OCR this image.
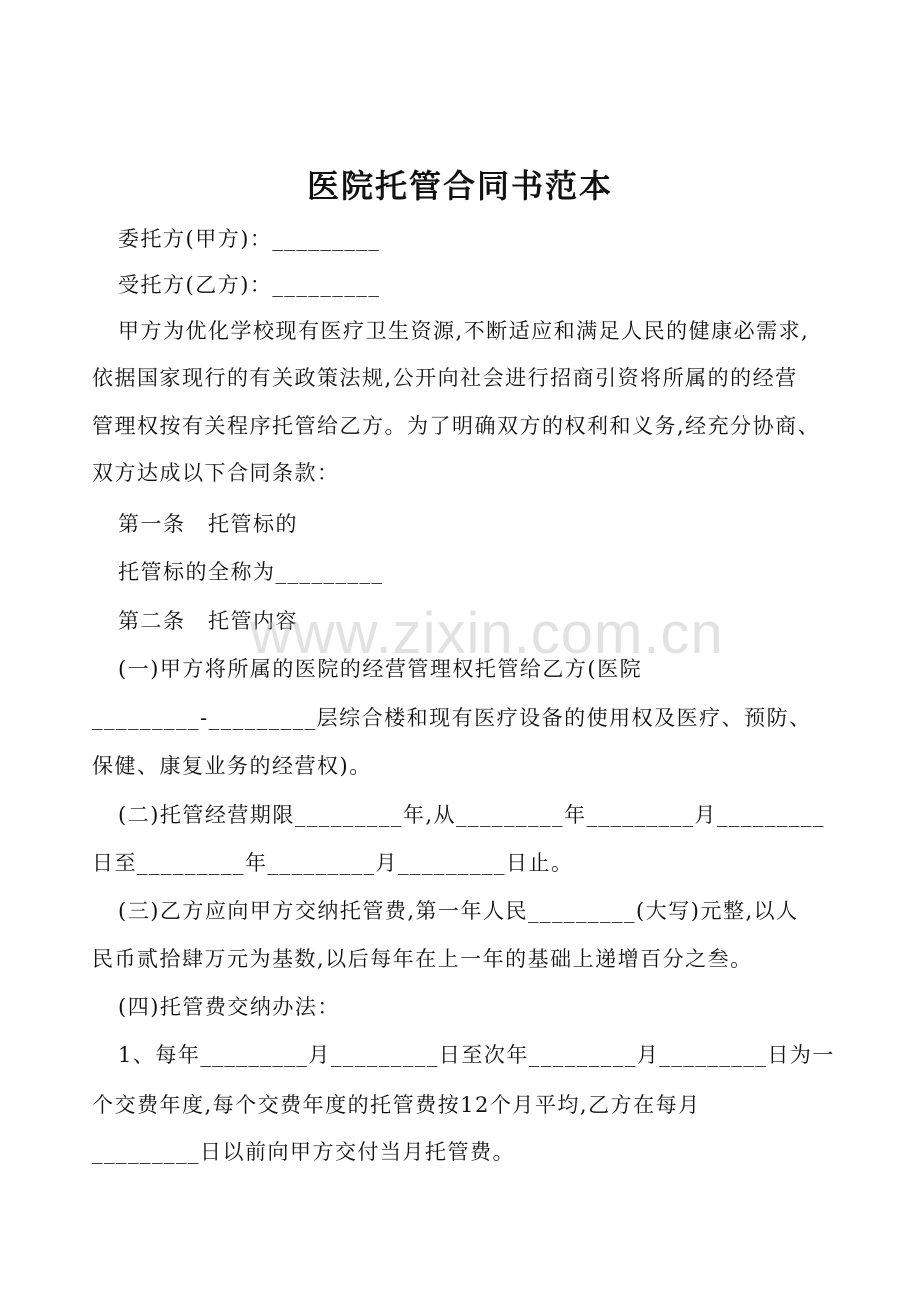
医院托管合同书范本
委托方(甲方)：_________
受托方(乙方)：_________
甲方为优化学校现有医疗卫生资源,不断适应和满足人民的健康必需求,
依据国家现行的有关政策法规,公开向社会进行招商引资将所属的的经营
管理权按有关程序托管给乙方。为了明确双方的权利和义务,经充分协商、
双方达成以下合同条款：
第一条　托管标的
托管标的全称为_________
第二条　托管内容
(一)甲方将所属的医院的经营管理权托管给乙方(医院
_________-_________层综合楼和现有医疗设备的使用权及医疗、预防、
保健、康复业务的经营权)。
(二)托管经营期限_________年,从_________年_________月_________
日至_________年_________月_________日止。
(三)乙方应向甲方交纳托管费,第一年人民_________(大写)元整,以人
民币贰拾肆万元为基数,以后每年在上一年的基础上递增百分之叁。
(四)托管费交纳办法：
1、每年_________月_________日至次年_________月_________日为一
个交费年度,每个交费年度的托管费按12个月平均,乙方在每月
_________日以前向甲方交付当月托管费。
www.zixin.com.cn
